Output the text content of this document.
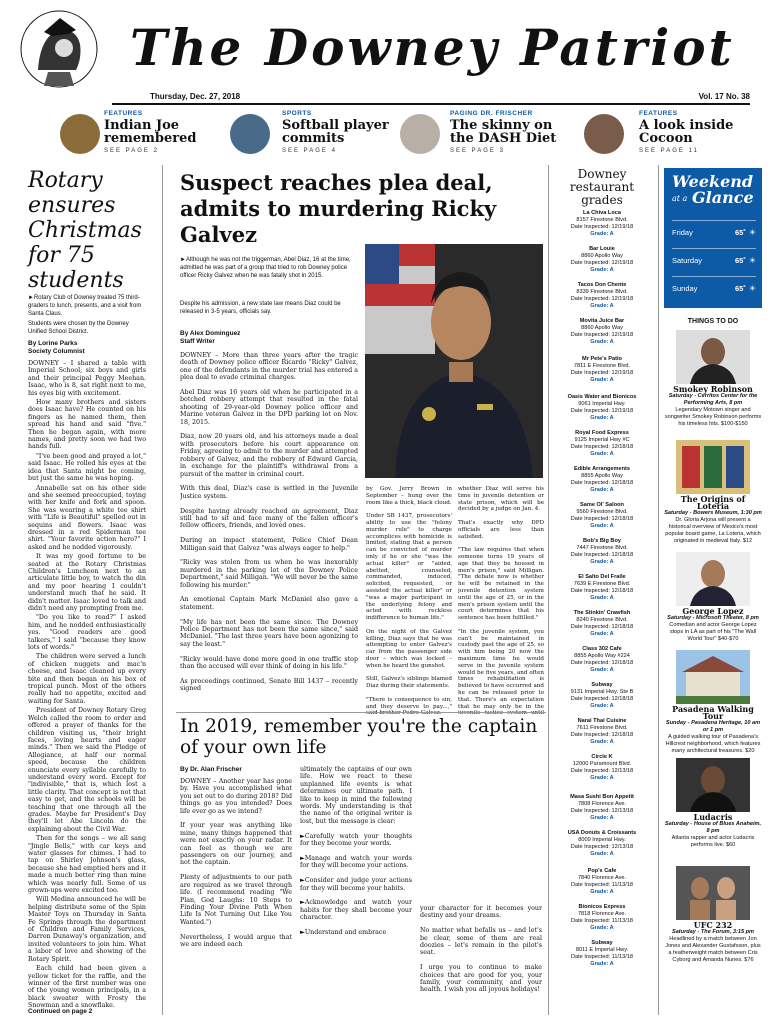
The Downey Patriot
Thursday, Dec. 27, 2018	Vol. 17 No. 38
FEATURES
Indian Joe remembered
SEE PAGE 2
SPORTS
Softball player commits
SEE PAGE 4
PAGING DR. FRISCHER
The skinny on the DASH Diet
SEE PAGE 3
FEATURES
A look inside Cocoon
SEE PAGE 11
Rotary ensures Christmas for 75 students
►Rotary Club of Downey treated 75 third-graders to lunch, presents, and a visit from Santa Claus.
Students were chosen by the Downey Unified School District.
By Lorine Parks
Society Columnist

DOWNEY – I shared a table with Imperial School, six boys and girls and their principal Peggy Meehan. Isaac, who is 8, sat right next to me, his eyes big with excitement.

How many brothers and sisters does Isaac have? He counted on his fingers as he named them, then spread his hand and said "five." Then he began again, with more names, and pretty soon we had two hands full.

"I've been good and prayed a lot," said Isaac. He rolled his eyes at the idea that Santa might be coming, but just the same he was hoping.

Annabelle sat on his other side and she seemed preoccupied, toying with her knife and fork and spoon. She was wearing a white tee shirt with "Life is Beautiful" spelled out in sequins and flowers. Isaac was dressed in a red Spiderman tee shirt. "Your favorite action hero?" I asked and he nodded vigorously.

It was my good fortune to be seated at the Rotary Christmas Children's Luncheon next to an articulate little boy, to watch the din and my poor hearing I couldn't understand much that he said. It didn't matter. Isaac loved to talk and didn't need any prompting from me.

"Do you like to read?" I asked him, and he nodded enthusiastically yes. "Good readers are good talkers," I said "because they know lots of words."

The children were served a lunch of chicken nuggets and mac'n cheese, and Isaac cleaned up every bite and then began on his box of tropical punch. Most of the others really had no appetite, excited and waiting for Santa.

President of Downey Rotary Greg Welch called the room to order and offered a prayer of thanks for the children visiting us, "their bright faces, loving hearts and eager minds." Then we said the Pledge of Allegiance, at half our normal speed, because the children enunciate every syllable carefully to understand every word. Except for "indivisible," that is, which lost a little clarity. That concept is not that easy to get, and the schools will be teaching that one through all the grades. Maybe for President's Day they'll let Abe Lincoln do the explaining about the Civil War.

Then for the songs – we all sang "Jingle Bells," with car keys and water glasses for chimes. I had to tap on Shirley Johnson's glass, because she had emptied hers and it made a much better ring than mine which was nearly full. Some of us grown-ups were excited too.

Will Medina announced he will be helping distribute some of the Spin Master Toys on Thursday in Santa Fe Springs through the department of Children and Family Services, Darren Dunaway's organization, and invited volunteers to join him. What a labor of love and showing of the Rotary Spirit.

Each child had been given a yellow ticket for the raffle, and the winner of the first number was one of the young women principals, in a black sweater with Frosty the Snowman and a snowflake.

Continued on page 2
Suspect reaches plea deal, admits to murdering Ricky Galvez
►Although he was not the triggerman, Abel Diaz, 16 at the time, admitted he was part of a group that tried to rob Downey police officer Ricky Galvez when he was fatally shot in 2015.
Despite his admission, a new state law means Diaz could be released in 3-5 years, officials say.
By Alex Dominguez
Staff Writer

DOWNEY – More than three years after the tragic death of Downey police officer Ricardo "Ricky" Galvez, one of the defendants in the murder trial has entered a plea deal to evade criminal charges.

Abel Diaz was 16 years old when he participated in a botched robbery attempt that resulted in the fatal shooting of 29-year-old Downey police officer and Marine veteran Galvez in the DPD parking lot on Nov. 18, 2015.

Diaz, now 20 years old, and his attorneys made a deal with prosecutors before his court appearance on Friday, agreeing to admit to the murder and attempted robbery of Galvez, and the robbery of Edward Garcia, in exchange for the plaintiff's withdrawal from a pursuit of the matter in criminal court.

With this deal, Diaz's case is settled in the Juvenile Justice system.

Despite having already reached an agreement, Diaz still had to sit and face many of the fallen officer's fellow officers, friends, and loved ones.

During an impact statement, Police Chief Dean Milligan said that Galvez "was always eager to help."

"Ricky was stolen from us when he was inexorably murdered in the parking lot of the Downey Police Department," said Milligan. "We will never be the same following his murder."

An emotional Captain Mark McDaniel also gave a statement.

"My life has not been the same since. The Downey Police Department has not been the same since," said McDaniel. "The last three years have been agonizing to say the least."

"Ricky would have done more good in one traffic stop than the accused will ever think of doing in his life."

As proceedings continued, Senate Bill 1437 – recently signed

by Gov. Jerry Brown in September – hung over the room like a thick, black cloud.

Under SB 1437, prosecutors' ability to use the "felony murder rule" to charge accomplices with homicide is limited, stating that a person can be convicted of murder only if he or she "was the actual killer" or "aided, abetted, counseled, commanded, induced, solicited, requested, or assisted the actual killer" or "was a major participant in the underlying felony and acted with reckless indifference to human life."

On the night of the Galvez killing, Diaz says that he was attempting to enter Galvez's car from the passenger side door – which was locked – when he heard the gunshot.

Still, Galvez's siblings blamed Diaz during their statements.

"There is consequence to sin, and they deserve to pay...,"

whether Diaz will serve his time in juvenile detention or state prison, which will be decided by a judge on Jan. 4.

That's exactly why DPD officials are less than satisfied.

"The law requires that when someone turns 19 years of age that they be housed in men's prison," said Milligan. "The debate now is whether he will be retained in the juvenile detention system until the age of 25, or in the men's prison system until the court determines that his sentence has been fulfilled."

"In the juvenile system, you can't be maintained in custody past the age of 25, so with him being 20 now the maximum time he would serve in the juvenile system would be five years, and often times rehabilitation is believed to have occurred and he can be released prior to that. There's an expectation that he may only be in the

In 2019, remember you're the captain of your own life
By Dr. Alan Frischer

DOWNEY – Another year has gone by. Have you accomplished what you set out to do during 2018? Did things go as you intended? Does life ever go as we intend?

If your year was anything like mine, many things happened that were not exactly on your radar. It can feel as though we are passengers on our journey, and not the captain.

Plenty of adjustments to our path are required as we travel through life. (I recommend reading "We Plan, God Laughs: 10 Steps to Finding Your Divine Path When Life Is Not Turning Out Like You Wanted.")

Nevertheless, I would argue that we are indeed each

ultimately the captains of our own life. How we react to these unplanned life events is what determines our ultimate path. I like to keep in mind the following words. My understanding is that the name of the original writer is lost, but the message is clear:

►Carefully watch your thoughts for they become your words.

►Manage and watch your words for they will become your actions.

►Consider and judge your actions for they will become your habits.

►Acknowledge and watch your habits for they shall become your character.

►Understand and embrace

your character for it becomes your destiny and your dreams.

No matter what befalls us – and let's be clear, some of them are real doozies – let's remain in the pilot's seat.

I urge you to continue to make choices that are good for you, your family, your community, and your health. I wish you all joyous holidays!

Downey restaurant grades
La Chiva Loca
8157 Firestone Blvd.
Date Inspected: 12/19/18
Grade: A
Bar Louie
8860 Apollo Way
Date Inspected: 12/19/18
Grade: A
Tacos Don Chente
8339 Firestone Blvd.
Date Inspected: 12/19/18
Grade: A
Movita Juice Bar
8860 Apollo Way
Date Inspected: 12/19/18
Grade: A
Mr Pete's Patio
7811 E Firestone Blvd.
Date Inspected: 12/19/18
Grade: A
Oasis Water and Bionicos
9061 Imperial Hwy.
Date Inspected: 12/19/18
Grade: A
Royal Food Express
9125 Imperial Hwy #C
Date Inspected: 12/18/18
Grade: A
Edible Arrangements
8855 Apollo Way
Date Inspected: 12/18/18
Grade: A
Same Ol' Saloon
9560 Firestone Blvd.
Date Inspected: 12/18/18
Grade: A
Bob's Big Boy
7447 Firestone Blvd.
Date Inspected: 12/18/18
Grade: A
El Salto Del Fraile
7639 E Firestone Blvd.
Date Inspected: 12/18/18
Grade: A
The Stinkin' Crawfish
8240 Firestone Blvd.
Date Inspected: 12/18/18
Grade: A
Class 302 Cafe
8855 Apollo Way #224
Date Inspected: 12/18/18
Grade: A
Subway
9131 Imperial Hwy. Ste B
Date Inspected: 12/18/18
Grade: A
Narai Thai Cuisine
7611 Firestone Blvd.
Date Inspected: 12/18/18
Grade: A
Circle K
12000 Paramount Blvd.
Date Inspected: 12/13/18
Grade: A
Masa Sushi Bon Appetit
7808 Florence Ave.
Date Inspected: 12/13/18
Grade: A
USA Donuts & Croissants
8009 Imperial Hwy.
Date Inspected: 12/13/18
Grade: A
Pop's Cafe
7840 Florence Ave.
Date Inspected: 11/13/18
Grade: A
Bionicos Express
7818 Florence Ave.
Date Inspected: 11/13/18
Grade: A
Subway
8011 E Imperial Hwy.
Date Inspected: 11/13/18
Grade: A
Weekend
at a Glance
Friday	65˚ ☀
Saturday	65˚ ☀
Sunday	65˚ ☀
THINGS TO DO
Smokey Robinson
Saturday - Cerritos Center for the Performing Arts, 8 pm
Legendary Motown singer and songwriter Smokey Robinson performs his timeless hits. $100-$150
The Origins of Loteria
Saturday - Bowers Museum, 1:30 pm
Dr. Gloria Arjona will present a historical overview of Mexico's most popular board game, La Loteria, which originated in medieval Italy. $12
George Lopez
Saturday - Microsoft Theater, 8 pm
Comedian and actor George Lopez stops in LA as part of his "The Wall World Tour" $40-$70
Pasadena Walking Tour
Sunday - Pasadena Heritage, 10 am or 1 pm
A guided walking tour of Pasadena's Hillcrest neighborhood, which features many architectural treasures. $20
Ludacris
Saturday - House of Blues Anaheim, 8 pm
Atlanta rapper and actor Ludacris performs live. $60
UFC 232
Saturday - The Forum, 3:15 pm
Headlined by a match between Jon Jones and Alexander Gustafsson, plus a featherweight match between Cris Cyborg and Amanda Nunes. $76
